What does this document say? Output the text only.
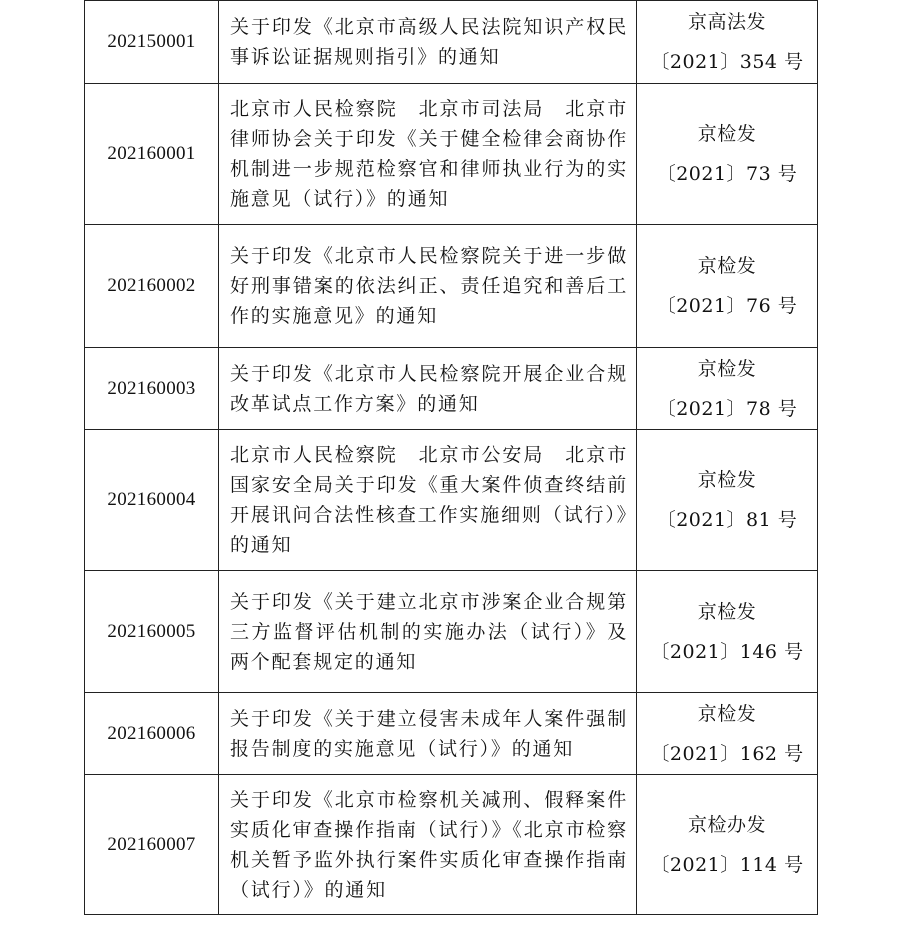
202150001	关于印发《北京市高级人民法院知识产权民事诉讼证据规则指引》的通知	京高法发
〔2021〕354 号

202160001	北京市人民检察院　北京市司法局　北京市律师协会关于印发《关于健全检律会商协作机制进一步规范检察官和律师执业行为的实施意见（试行）》的通知	京检发
〔2021〕73 号

202160002	关于印发《北京市人民检察院关于进一步做好刑事错案的依法纠正、责任追究和善后工作的实施意见》的通知	京检发
〔2021〕76 号

202160003	关于印发《北京市人民检察院开展企业合规改革试点工作方案》的通知	京检发
〔2021〕78 号

202160004	北京市人民检察院　北京市公安局　北京市国家安全局关于印发《重大案件侦查终结前开展讯问合法性核查工作实施细则（试行）》的通知	京检发
〔2021〕81 号

202160005	关于印发《关于建立北京市涉案企业合规第三方监督评估机制的实施办法（试行）》及两个配套规定的通知	京检发
〔2021〕146 号

202160006	关于印发《关于建立侵害未成年人案件强制报告制度的实施意见（试行）》的通知	京检发
〔2021〕162 号

202160007	关于印发《北京市检察机关减刑、假释案件实质化审查操作指南（试行）》《北京市检察机关暂予监外执行案件实质化审查操作指南（试行）》的通知	京检办发
〔2021〕114 号
